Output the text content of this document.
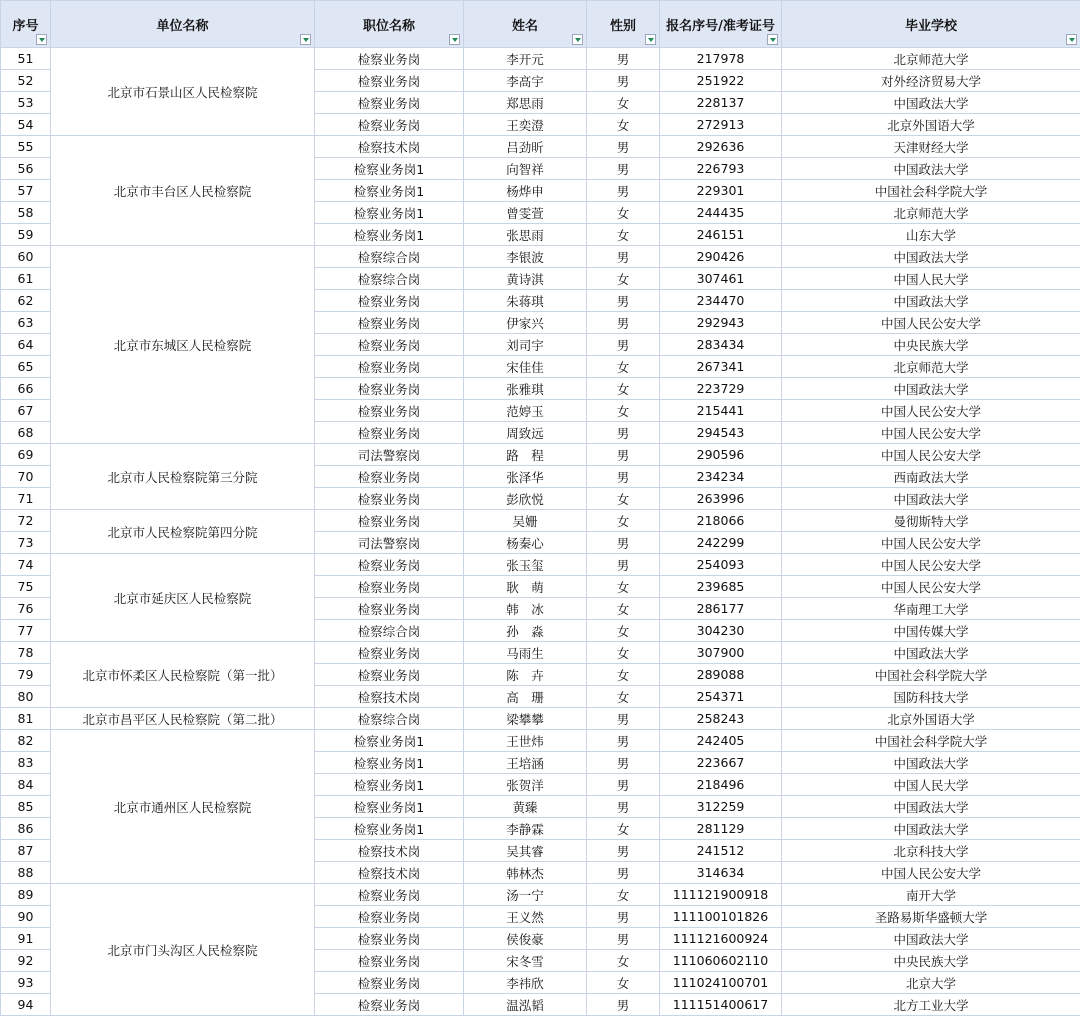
序号	单位名称	职位名称	姓名	性别	报名序号/准考证号	毕业学校

51	北京市石景山区人民检察院	检察业务岗	李开元	男	217978	北京师范大学
52		检察业务岗	李高宇	男	251922	对外经济贸易大学
53		检察业务岗	郑思雨	女	228137	中国政法大学
54		检察业务岗	王奕澄	女	272913	北京外国语大学
55	北京市丰台区人民检察院	检察技术岗	吕劲昕	男	292636	天津财经大学
56		检察业务岗1	向智祥	男	226793	中国政法大学
57		检察业务岗1	杨烨申	男	229301	中国社会科学院大学
58		检察业务岗1	曾雯萱	女	244435	北京师范大学
59		检察业务岗1	张思雨	女	246151	山东大学
60	北京市东城区人民检察院	检察综合岗	李银波	男	290426	中国政法大学
61		检察综合岗	黄诗淇	女	307461	中国人民大学
62		检察业务岗	朱蒋琪	男	234470	中国政法大学
63		检察业务岗	伊家兴	男	292943	中国人民公安大学
64		检察业务岗	刘司宇	男	283434	中央民族大学
65		检察业务岗	宋佳佳	女	267341	北京师范大学
66		检察业务岗	张雅琪	女	223729	中国政法大学
67		检察业务岗	范婷玉	女	215441	中国人民公安大学
68		检察业务岗	周致远	男	294543	中国人民公安大学
69	北京市人民检察院第三分院	司法警察岗	路　程	男	290596	中国人民公安大学
70		检察业务岗	张泽华	男	234234	西南政法大学
71		检察业务岗	彭欣悦	女	263996	中国政法大学
72	北京市人民检察院第四分院	检察业务岗	吴姗	女	218066	曼彻斯特大学
73		司法警察岗	杨秦心	男	242299	中国人民公安大学
74	北京市延庆区人民检察院	检察业务岗	张玉玺	男	254093	中国人民公安大学
75		检察业务岗	耿　萌	女	239685	中国人民公安大学
76		检察业务岗	韩　冰	女	286177	华南理工大学
77		检察综合岗	孙　淼	女	304230	中国传媒大学
78	北京市怀柔区人民检察院（第一批）	检察业务岗	马雨生	女	307900	中国政法大学
79		检察业务岗	陈　卉	女	289088	中国社会科学院大学
80		检察技术岗	高　珊	女	254371	国防科技大学
81	北京市昌平区人民检察院（第二批）	检察综合岗	梁攀攀	男	258243	北京外国语大学
82	北京市通州区人民检察院	检察业务岗1	王世炜	男	242405	中国社会科学院大学
83		检察业务岗1	王培涵	男	223667	中国政法大学
84		检察业务岗1	张贺洋	男	218496	中国人民大学
85		检察业务岗1	黄臻	男	312259	中国政法大学
86		检察业务岗1	李静霖	女	281129	中国政法大学
87		检察技术岗	吴其睿	男	241512	北京科技大学
88		检察技术岗	韩林杰	男	314634	中国人民公安大学
89	北京市门头沟区人民检察院	检察业务岗	汤一宁	女	111121900918	南开大学
90		检察业务岗	王义然	男	111100101826	圣路易斯华盛顿大学
91		检察业务岗	侯俊豪	男	111121600924	中国政法大学
92		检察业务岗	宋冬雪	女	111060602110	中央民族大学
93		检察业务岗	李祎欣	女	111024100701	北京大学
94		检察业务岗	温泓韬	男	111151400617	北方工业大学
